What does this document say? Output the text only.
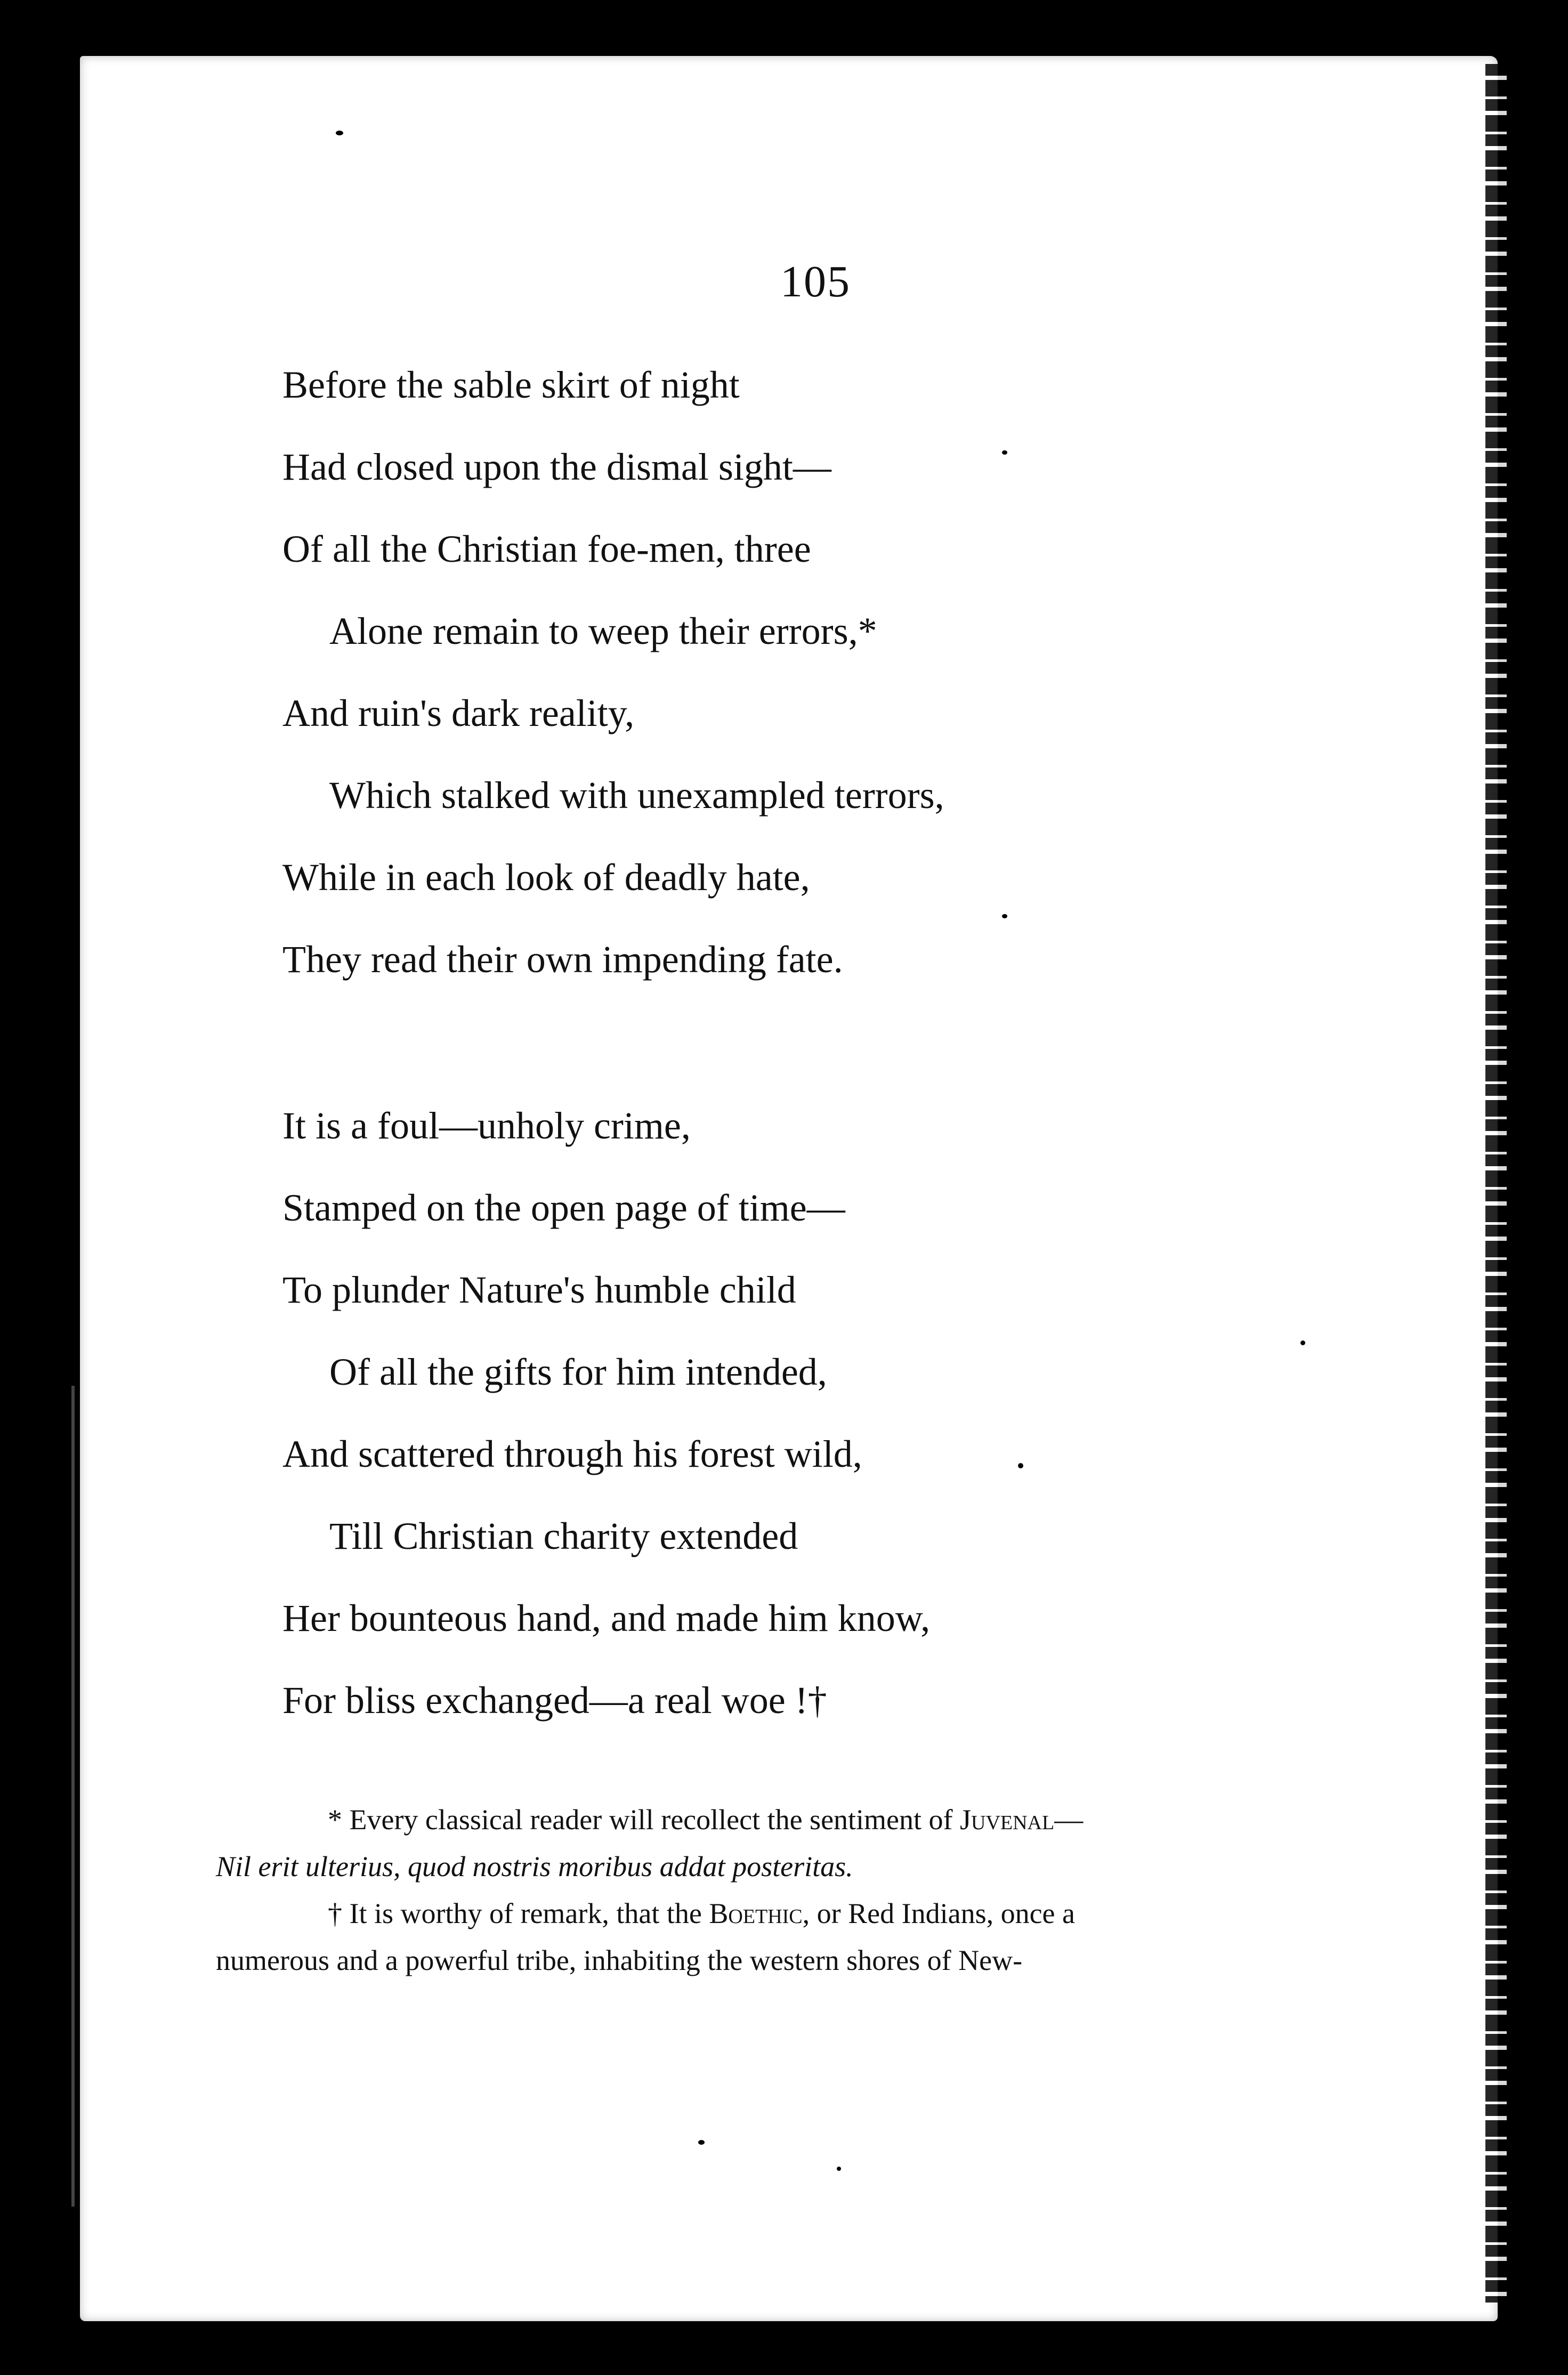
105
Before the sable skirt of night
Had closed upon the dismal sight—
Of all the Christian foe-men, three
Alone remain to weep their errors,*
And ruin's dark reality,
Which stalked with unexampled terrors,
While in each look of deadly hate,
They read their own impending fate.
It is a foul—unholy crime,
Stamped on the open page of time—
To plunder Nature's humble child
Of all the gifts for him intended,
And scattered through his forest wild,
Till Christian charity extended
Her bounteous hand, and made him know,
For bliss exchanged—a real woe !†
* Every classical reader will recollect the sentiment of Juvenal—
Nil erit ulterius, quod nostris moribus addat posteritas.
† It is worthy of remark, that the Boethic, or Red Indians, once a
numerous and a powerful tribe, inhabiting the western shores of New-
